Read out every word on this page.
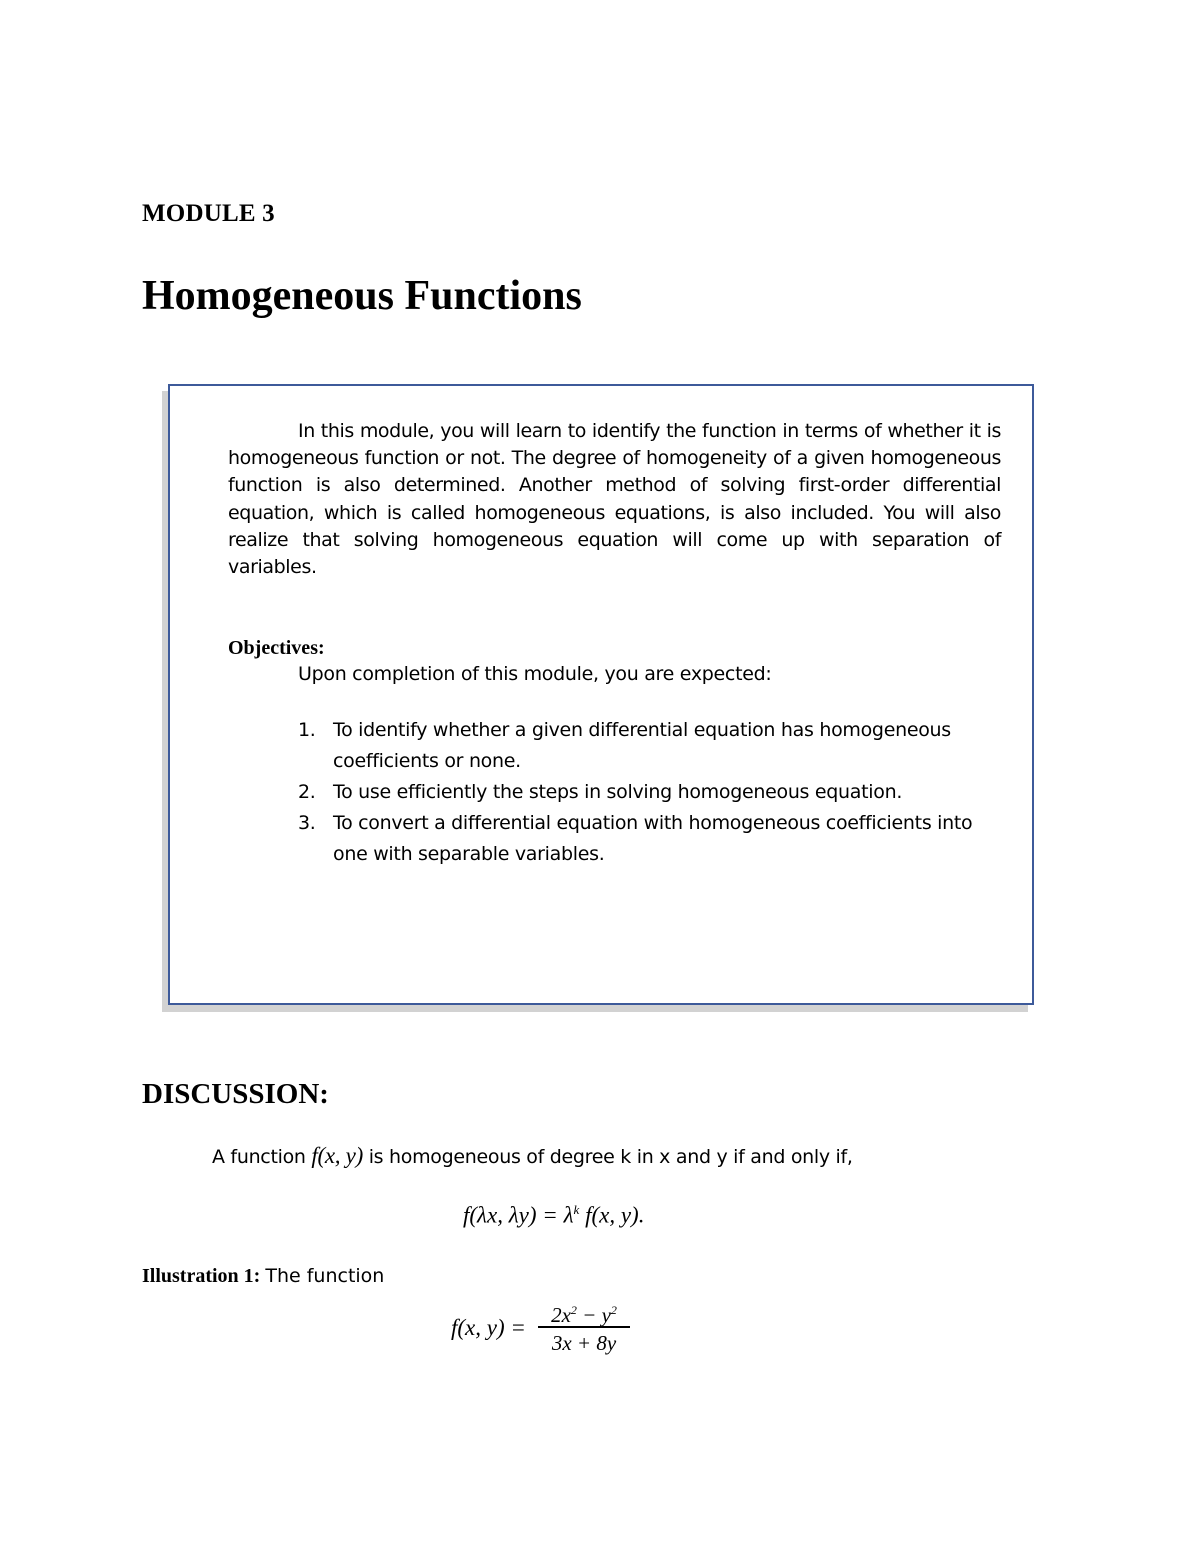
MODULE 3
Homogeneous Functions

In this module, you will learn to identify the function in terms of whether it is homogeneous function or not. The degree of homogeneity of a given homogeneous function is also determined. Another method of solving first-order differential equation, which is called homogeneous equations, is also included. You will also realize that solving homogeneous equation will come up with separation of variables.

Objectives:
Upon completion of this module, you are expected:
1. To identify whether a given differential equation has homogeneous coefficients or none.
2. To use efficiently the steps in solving homogeneous equation.
3. To convert a differential equation with homogeneous coefficients into one with separable variables.
DISCUSSION:
A function f(x, y) is homogeneous of degree k in x and y if and only if,
f(λx, $\lambda y) = \lambda^k$ f(x, y).
Illustration 1: The function
f(x, y) =	$2x^2 - y^2$
3x + 8y
